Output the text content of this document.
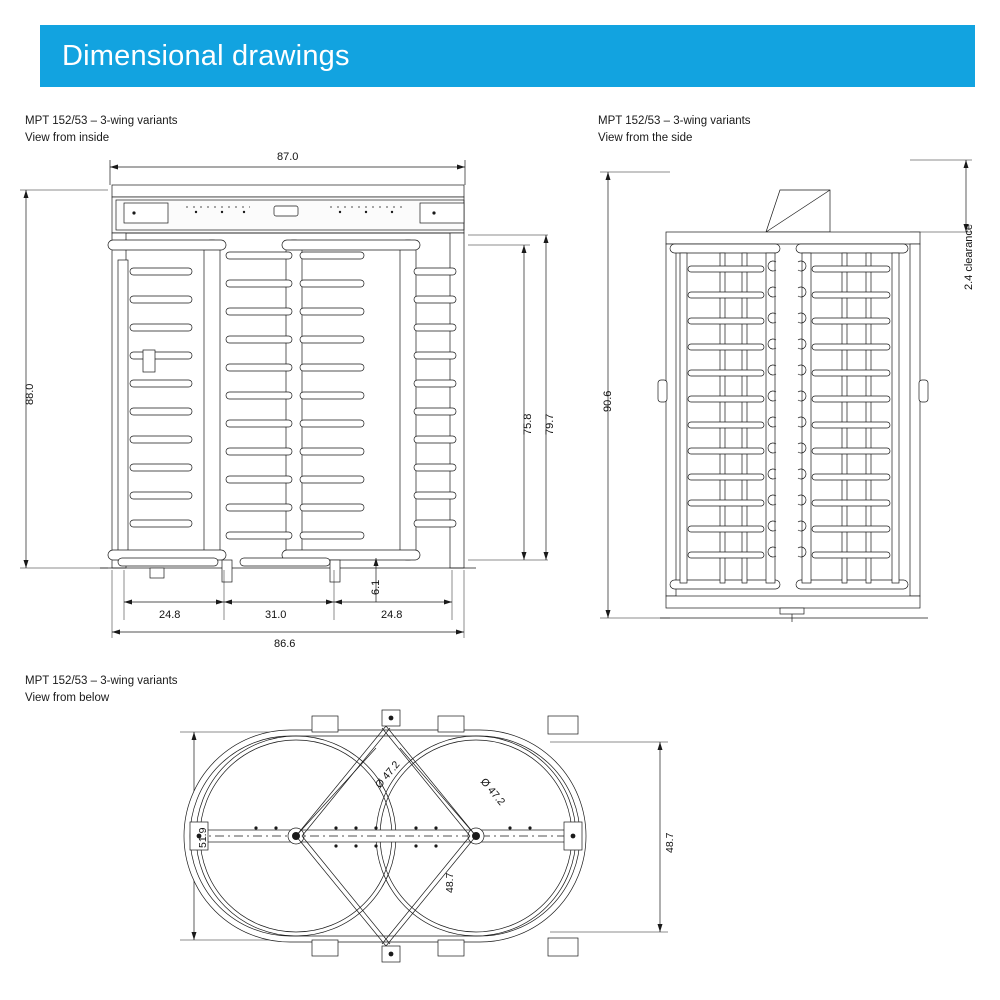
Dimensional drawings
MPT 152/53 – 3-wing variants
View from inside
MPT 152/53 – 3-wing variants
View from the side
MPT 152/53 – 3-wing variants
View from below
87.0
88.0
75.8 79.7
24.8	31.0
6.1
24.8
86.6
90.6
2.4 clearance
51.9
Ø 47.2
Ø 47.2
48.7
48.7
